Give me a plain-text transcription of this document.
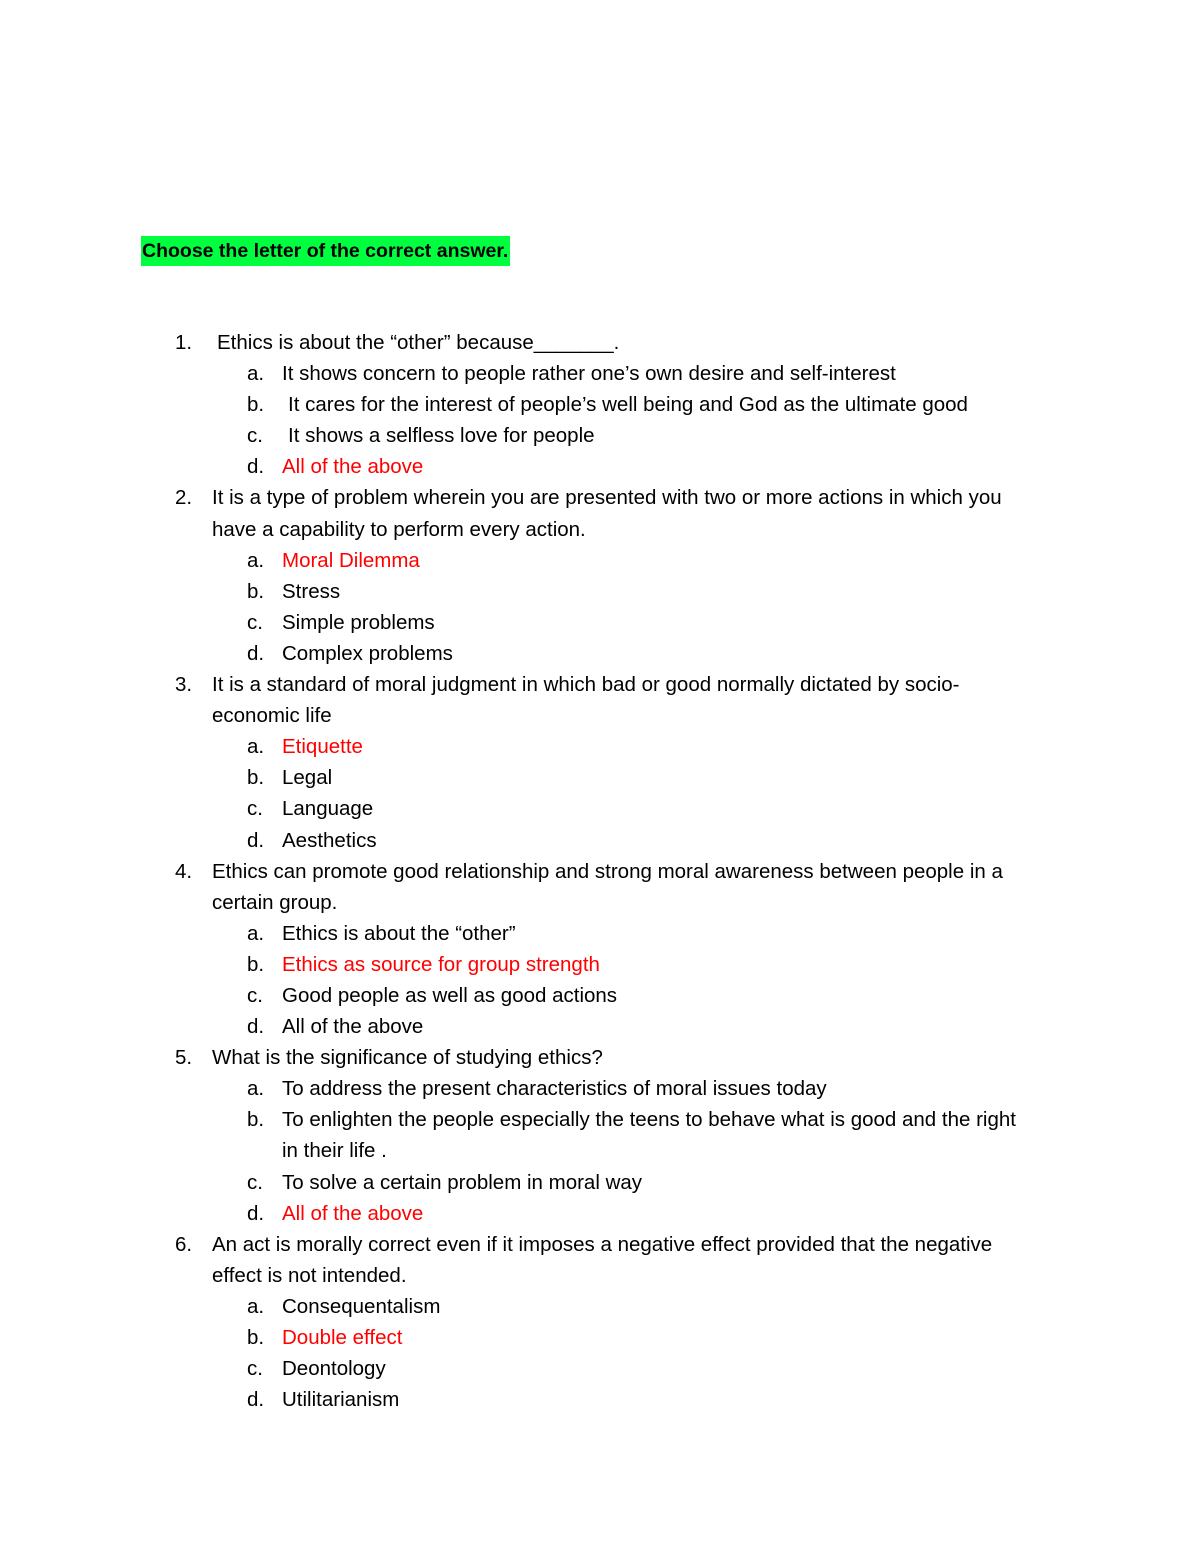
Choose the letter of the correct answer.
1. Ethics is about the “other” because_______.
a. It shows concern to people rather one’s own desire and self-interest
b. It cares for the interest of people’s well being and God as the ultimate good
c. It shows a selfless love for people
d. All of the above
2. It is a type of problem wherein you are presented with two or more actions in which you
have a capability to perform every action.
a. Moral Dilemma
b. Stress
c. Simple problems
d. Complex problems
3. It is a standard of moral judgment in which bad or good normally dictated by socio-
economic life
a. Etiquette
b. Legal
c. Language
d. Aesthetics
4. Ethics can promote good relationship and strong moral awareness between people in a
certain group.
a. Ethics is about the “other”
b. Ethics as source for group strength
c. Good people as well as good actions
d. All of the above
5. What is the significance of studying ethics?
a. To address the present characteristics of moral issues today
b. To enlighten the people especially the teens to behave what is good and the right
in their life .
c. To solve a certain problem in moral way
d. All of the above
6. An act is morally correct even if it imposes a negative effect provided that the negative
effect is not intended.
a. Consequentalism
b. Double effect
c. Deontology
d. Utilitarianism
